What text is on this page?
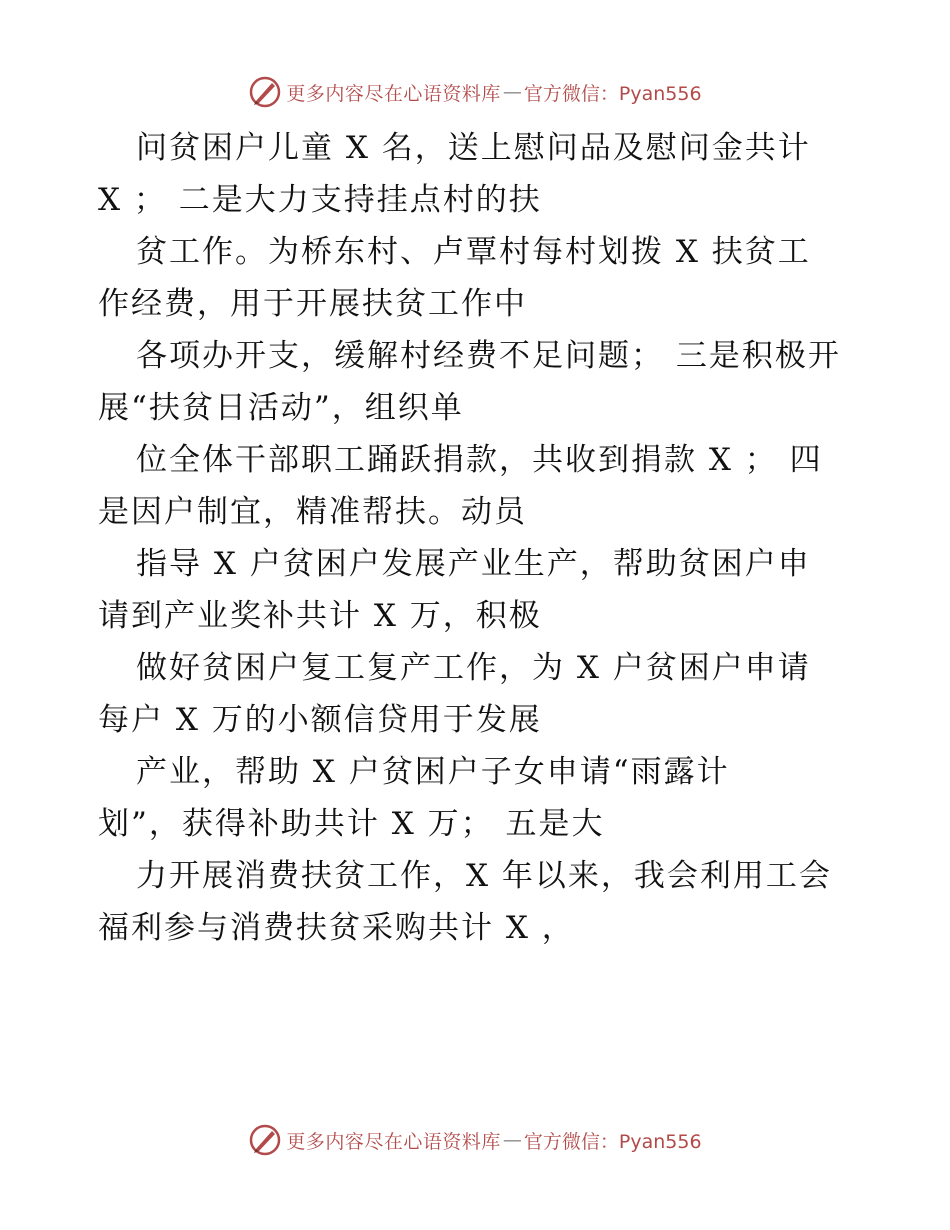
更多内容尽在心语资料库 — 官方微信：Pyan556
问贫困户儿童 X 名，送上慰问品及慰问金共计
X ； 二是大力支持挂点村的扶
贫工作。为桥东村、卢覃村每村划拨 X 扶贫工
作经费，用于开展扶贫工作中
各项办开支，缓解村经费不足问题； 三是积极开
展“扶贫日活动”，组织单
位全体干部职工踊跃捐款，共收到捐款 X ； 四
是因户制宜，精准帮扶。动员
指导 X 户贫困户发展产业生产，帮助贫困户申
请到产业奖补共计 X 万，积极
做好贫困户复工复产工作，为 X 户贫困户申请
每户 X 万的小额信贷用于发展
产业，帮助 X 户贫困户子女申请“雨露计
划”，获得补助共计 X 万； 五是大
力开展消费扶贫工作，X 年以来，我会利用工会
福利参与消费扶贫采购共计 X ，
更多内容尽在心语资料库 — 官方微信：Pyan556
